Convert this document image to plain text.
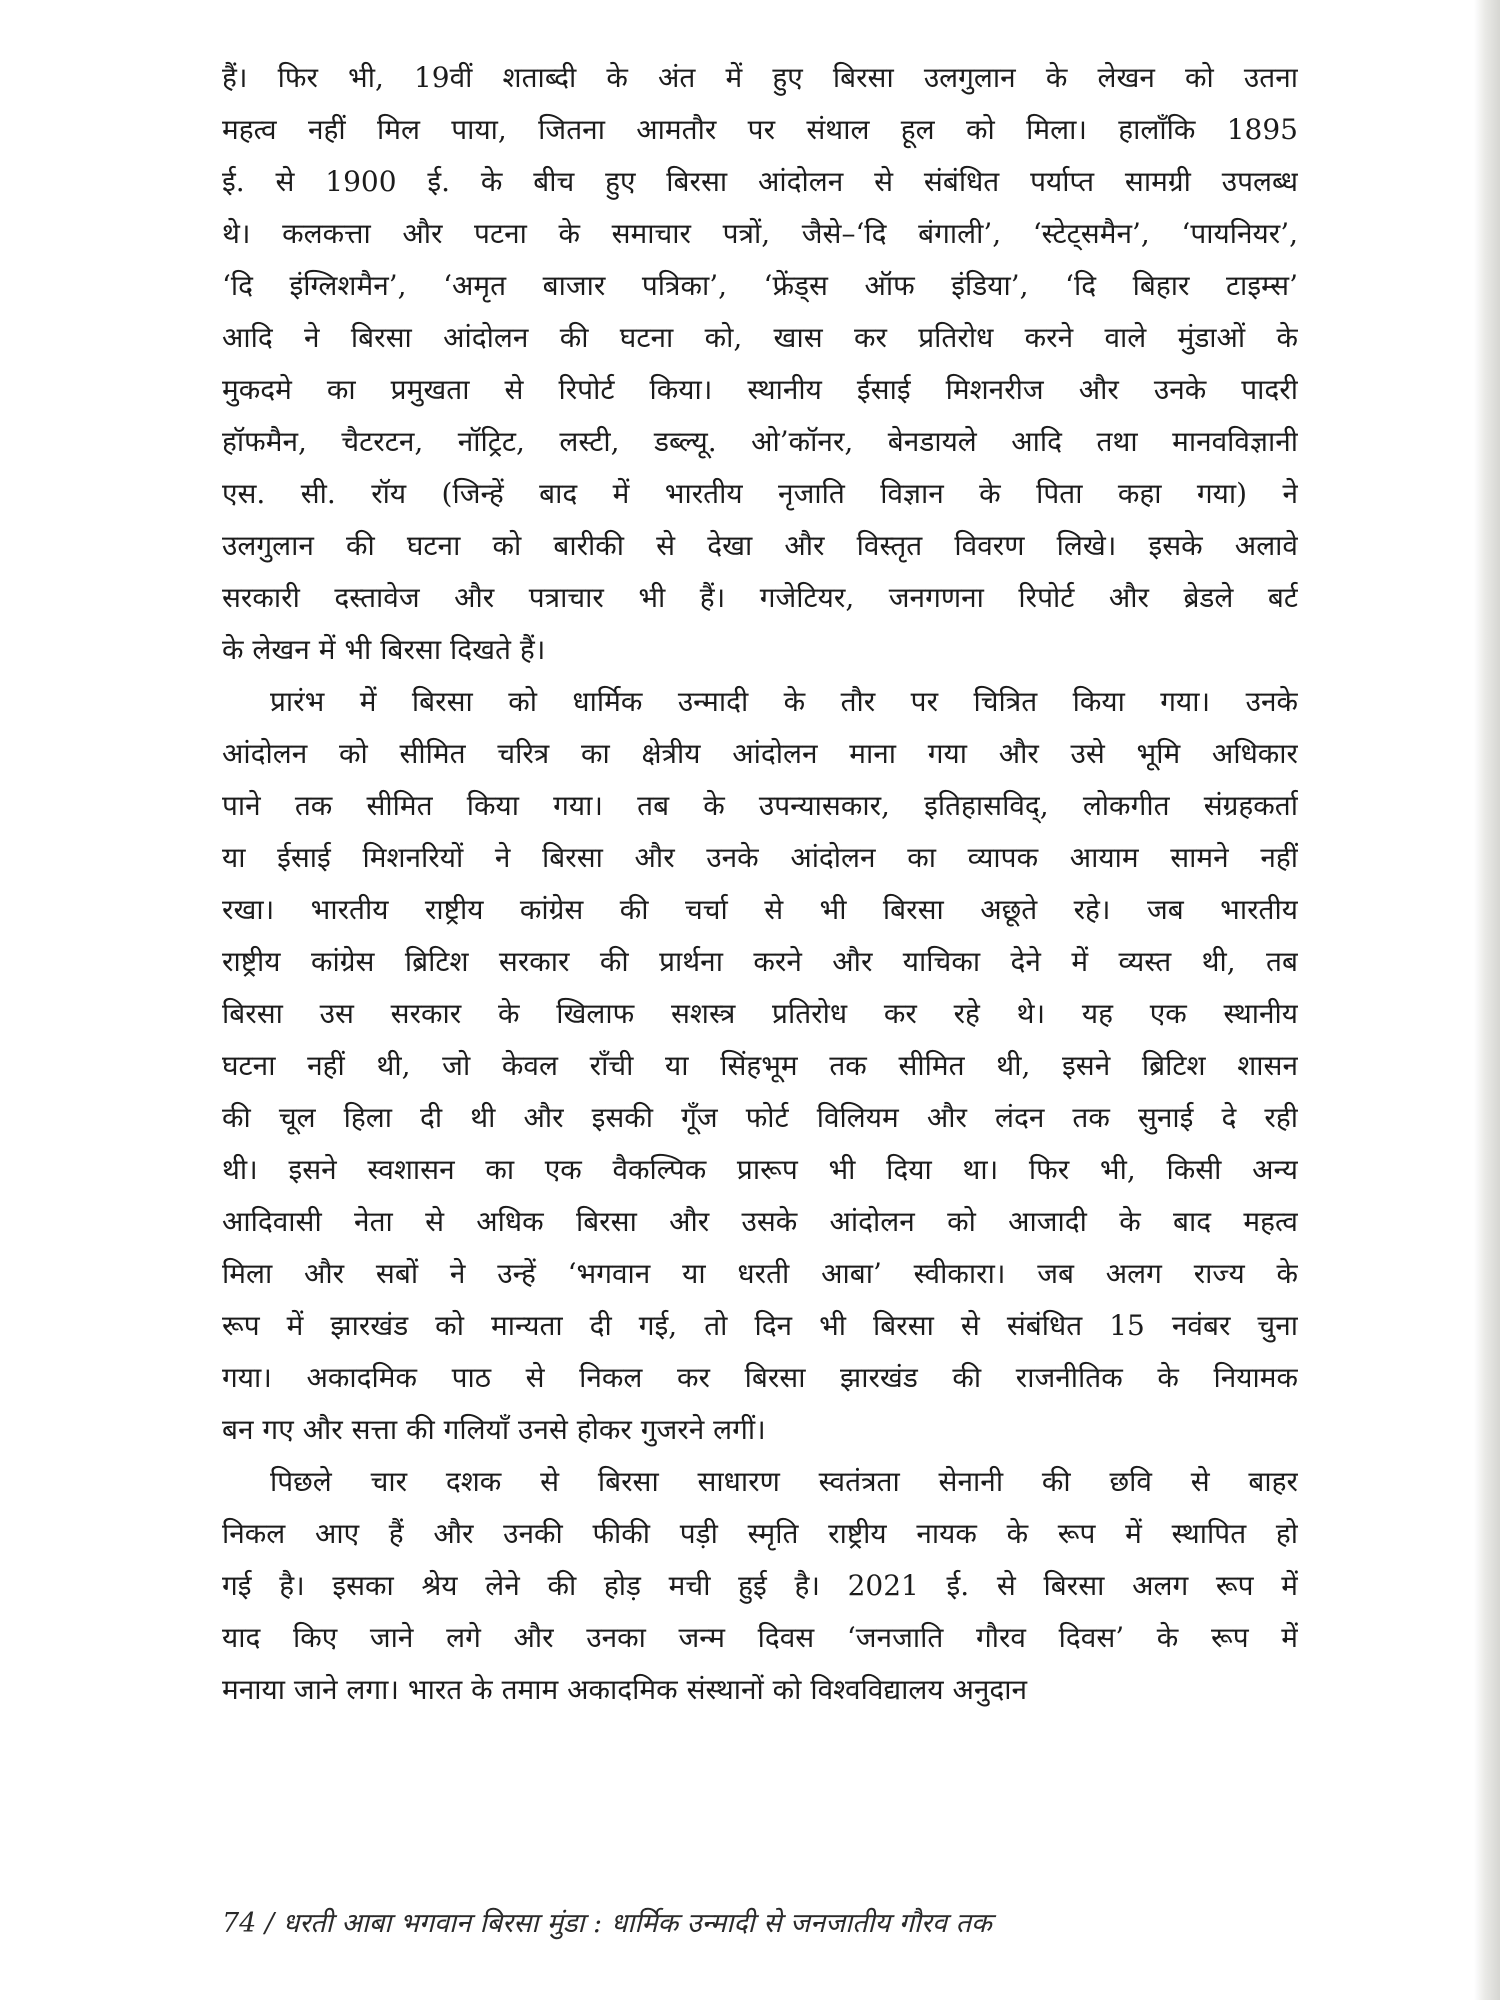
हैं। फिर भी, 19वीं शताब्दी के अंत में हुए बिरसा उलगुलान के लेखन को उतना
महत्व नहीं मिल पाया, जितना आमतौर पर संथाल हूल को मिला। हालाँकि 1895
ई. से 1900 ई. के बीच हुए बिरसा आंदोलन से संबंधित पर्याप्त सामग्री उपलब्ध
थे। कलकत्ता और पटना के समाचार पत्रों, जैसे–‘दि बंगाली’, ‘स्टेट्समैन’, ‘पायनियर’,
‘दि इंग्लिशमैन’, ‘अमृत बाजार पत्रिका’, ‘फ्रेंड्स ऑफ इंडिया’, ‘दि बिहार टाइम्स’
आदि ने बिरसा आंदोलन की घटना को, खास कर प्रतिरोध करने वाले मुंडाओं के
मुकदमे का प्रमुखता से रिपोर्ट किया। स्थानीय ईसाई मिशनरीज और उनके पादरी
हॉफमैन, चैटरटन, नॉट्रिट, लस्टी, डब्ल्यू. ओ’कॉनर, बेनडायले आदि तथा मानवविज्ञानी
एस. सी. रॉय (जिन्हें बाद में भारतीय नृजाति विज्ञान के पिता कहा गया) ने
उलगुलान की घटना को बारीकी से देखा और विस्तृत विवरण लिखे। इसके अलावे
सरकारी दस्तावेज और पत्राचार भी हैं। गजेटियर, जनगणना रिपोर्ट और ब्रेडले बर्ट
के लेखन में भी बिरसा दिखते हैं।
प्रारंभ में बिरसा को धार्मिक उन्मादी के तौर पर चित्रित किया गया। उनके
आंदोलन को सीमित चरित्र का क्षेत्रीय आंदोलन माना गया और उसे भूमि अधिकार
पाने तक सीमित किया गया। तब के उपन्यासकार, इतिहासविद्, लोकगीत संग्रहकर्ता
या ईसाई मिशनरियों ने बिरसा और उनके आंदोलन का व्यापक आयाम सामने नहीं
रखा। भारतीय राष्ट्रीय कांग्रेस की चर्चा से भी बिरसा अछूते रहे। जब भारतीय
राष्ट्रीय कांग्रेस ब्रिटिश सरकार की प्रार्थना करने और याचिका देने में व्यस्त थी, तब
बिरसा उस सरकार के खिलाफ सशस्त्र प्रतिरोध कर रहे थे। यह एक स्थानीय
घटना नहीं थी, जो केवल राँची या सिंहभूम तक सीमित थी, इसने ब्रिटिश शासन
की चूल हिला दी थी और इसकी गूँज फोर्ट विलियम और लंदन तक सुनाई दे रही
थी। इसने स्वशासन का एक वैकल्पिक प्रारूप भी दिया था। फिर भी, किसी अन्य
आदिवासी नेता से अधिक बिरसा और उसके आंदोलन को आजादी के बाद महत्व
मिला और सबों ने उन्हें ‘भगवान या धरती आबा’ स्वीकारा। जब अलग राज्य के
रूप में झारखंड को मान्यता दी गई, तो दिन भी बिरसा से संबंधित 15 नवंबर चुना
गया। अकादमिक पाठ से निकल कर बिरसा झारखंड की राजनीतिक के नियामक
बन गए और सत्ता की गलियाँ उनसे होकर गुजरने लगीं।
पिछले चार दशक से बिरसा साधारण स्वतंत्रता सेनानी की छवि से बाहर
निकल आए हैं और उनकी फीकी पड़ी स्मृति राष्ट्रीय नायक के रूप में स्थापित हो
गई है। इसका श्रेय लेने की होड़ मची हुई है। 2021 ई. से बिरसा अलग रूप में
याद किए जाने लगे और उनका जन्म दिवस ‘जनजाति गौरव दिवस’ के रूप में
मनाया जाने लगा। भारत के तमाम अकादमिक संस्थानों को विश्वविद्यालय अनुदान
74 / धरती आबा भगवान बिरसा मुंडा : धार्मिक उन्मादी से जनजातीय गौरव तक
